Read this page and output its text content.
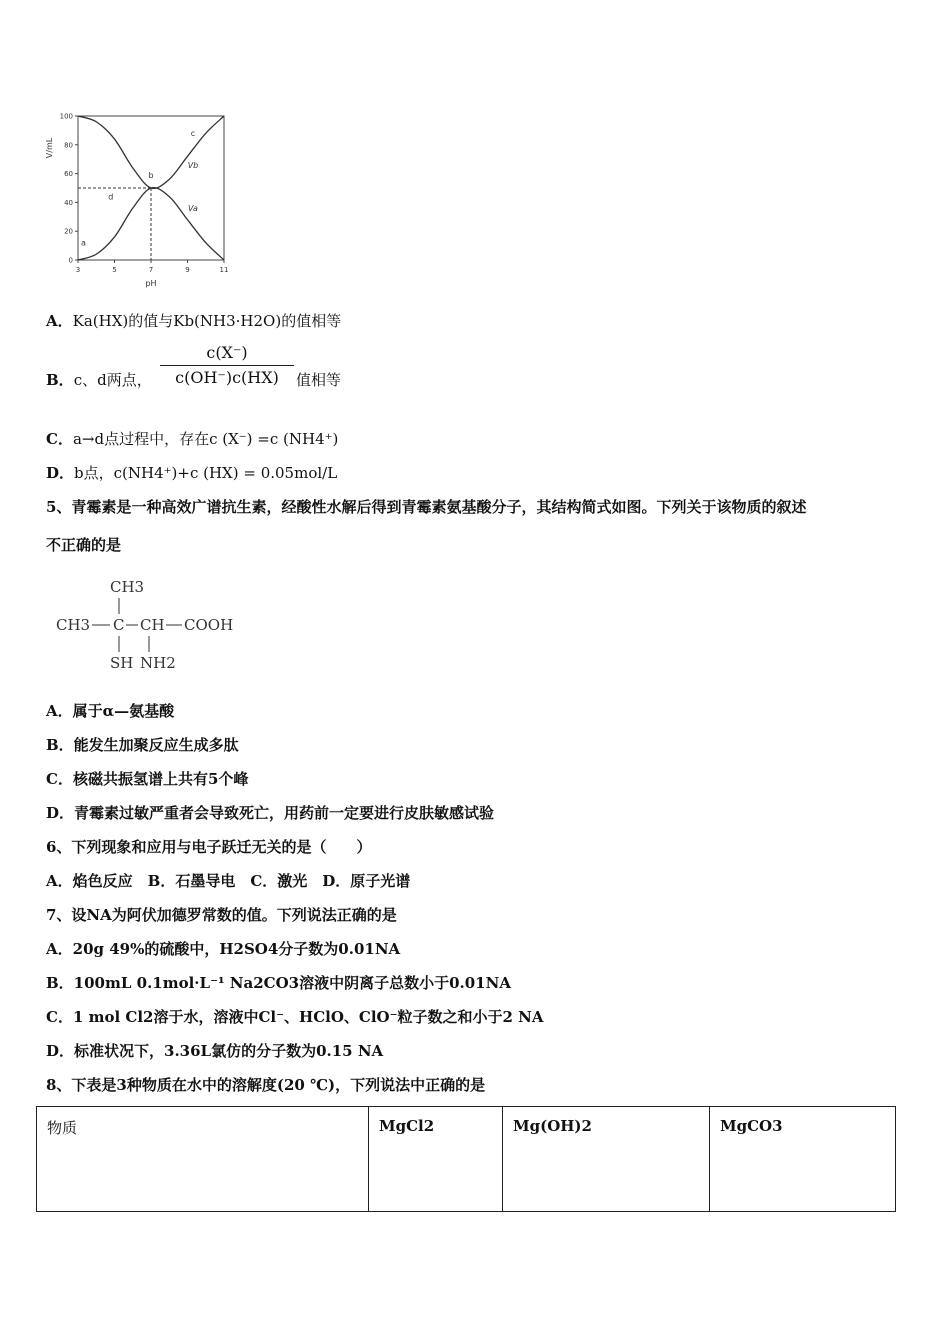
3	5	7	9	11
0
20
40
60
80
100
pH
V/mL
a
b
c
d
Vb
Va
A．Ka(HX)的值与Kb(NH3·H2O)的值相等
B．c、d两点，
c(X⁻)
c(OH⁻)c(HX)	值相等
C．a→d点过程中，存在c (X⁻) =c (NH4⁺)
D．b点，c(NH4⁺)+c (HX) = 0.05mol/L
5、青霉素是一种高效广谱抗生素，经酸性水解后得到青霉素氨基酸分子，其结构简式如图。下列关于该物质的叙述
不正确的是
CH3
CH3 C CH COOH
SH NH2
A．属于α—氨基酸
B．能发生加聚反应生成多肽
C．核磁共振氢谱上共有5个峰
D．青霉素过敏严重者会导致死亡，用药前一定要进行皮肤敏感试验
6、下列现象和应用与电子跃迁无关的是（　　）
A．焰色反应　B．石墨导电　C．激光　D．原子光谱
7、设NA为阿伏加德罗常数的值。下列说法正确的是
A．20g 49%的硫酸中，H2SO4分子数为0.01NA
B．100mL 0.1mol·L⁻¹ Na2CO3溶液中阴离子总数小于0.01NA
C．1 mol Cl2溶于水，溶液中Cl⁻、HClO、ClO⁻粒子数之和小于2 NA
D．标准状况下，3.36L氯仿的分子数为0.15 NA
8、下表是3种物质在水中的溶解度(20 ℃)，下列说法中正确的是
物质	MgCl2	Mg(OH)2	MgCO3
